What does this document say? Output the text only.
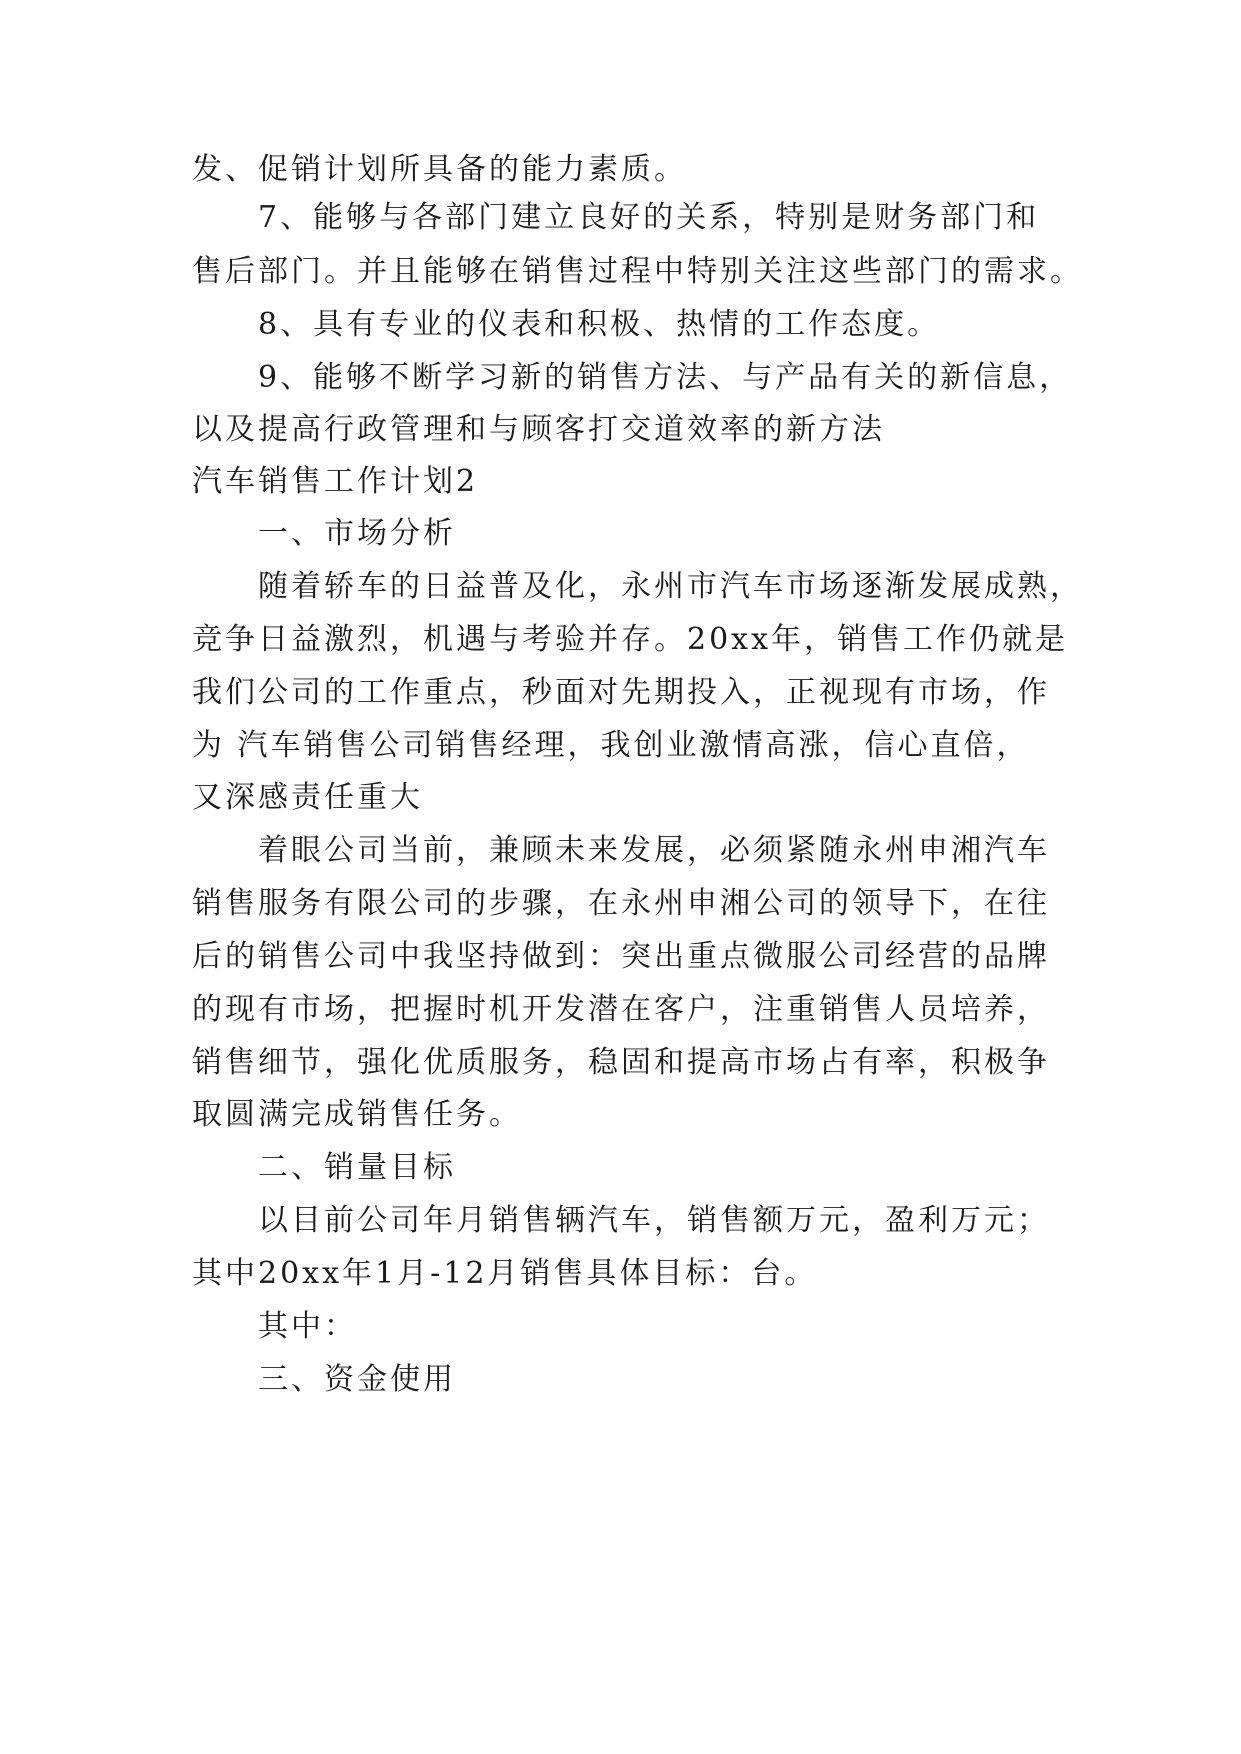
发、促销计划所具备的能力素质。
7、能够与各部门建立良好的关系，特别是财务部门和
售后部门。并且能够在销售过程中特别关注这些部门的需求。
8、具有专业的仪表和积极、热情的工作态度。
9、能够不断学习新的销售方法、与产品有关的新信息，
以及提高行政管理和与顾客打交道效率的新方法
汽车销售工作计划2
一、市场分析
随着轿车的日益普及化，永州市汽车市场逐渐发展成熟，
竞争日益激烈，机遇与考验并存。20xx年，销售工作仍就是
我们公司的工作重点，秒面对先期投入，正视现有市场，作
为 汽车销售公司销售经理，我创业激情高涨，信心直倍，
又深感责任重大
着眼公司当前，兼顾未来发展，必须紧随永州申湘汽车
销售服务有限公司的步骤，在永州申湘公司的领导下，在往
后的销售公司中我坚持做到：突出重点微服公司经营的品牌
的现有市场，把握时机开发潜在客户，注重销售人员培养，
销售细节，强化优质服务，稳固和提高市场占有率，积极争
取圆满完成销售任务。
二、销量目标
以目前公司年月销售辆汽车，销售额万元，盈利万元；
其中20xx年1月-12月销售具体目标：台。
其中：
三、资金使用
